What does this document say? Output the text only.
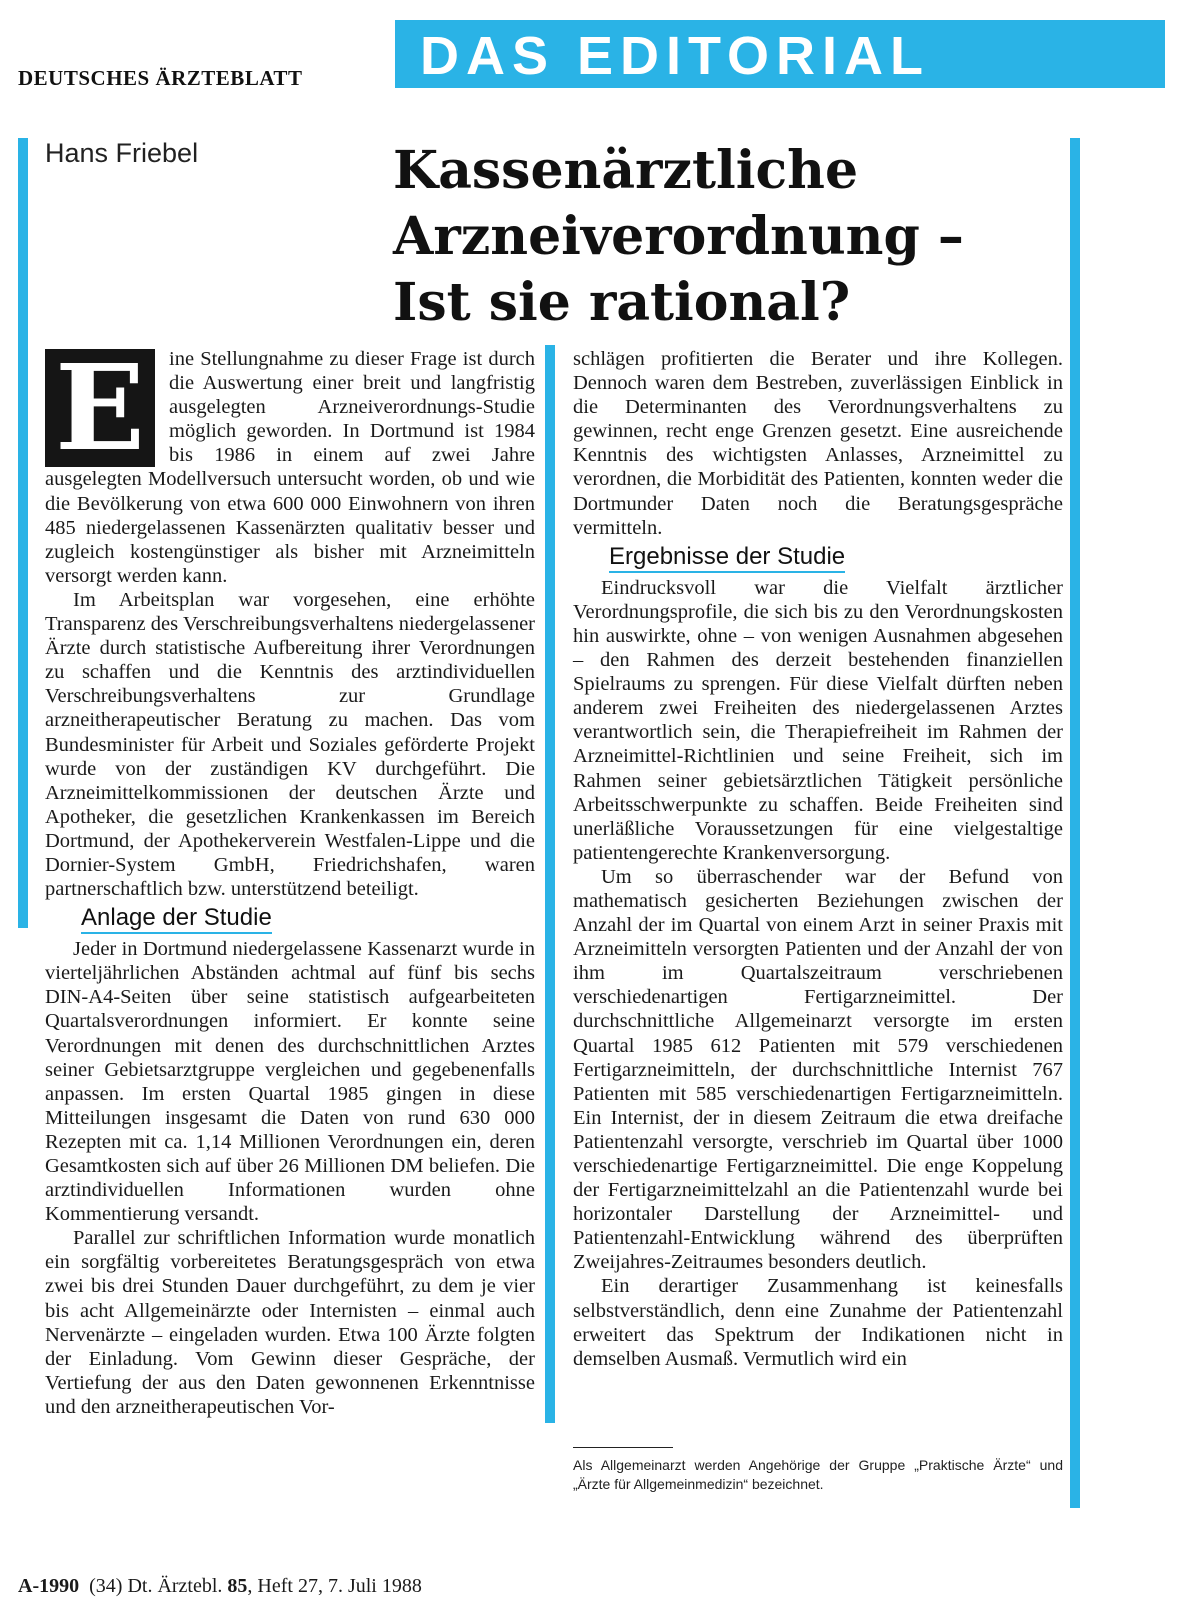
DEUTSCHES ÄRZTEBLATT DAS EDITORIAL
Hans Friebel	Kassenärztliche
Arzneiverordnung –
Ist sie rational?

E	ine Stellungnahme zu dieser Frage ist durch die Auswertung einer breit und langfristig ausgelegten Arzneiverordnungs-Studie möglich geworden. In Dortmund ist 1984 bis 1986 in einem auf zwei Jahre ausgelegten Modellversuch untersucht worden, ob und wie die Bevölkerung von etwa 600 000 Einwohnern von ihren 485 niedergelassenen Kassenärzten qualitativ besser und zugleich kostengünstiger als bisher mit Arzneimitteln versorgt werden kann.

Im Arbeitsplan war vorgesehen, eine erhöhte Transparenz des Verschreibungsverhaltens niedergelassener Ärzte durch statistische Aufbereitung ihrer Verordnungen zu schaffen und die Kenntnis des arztindividuellen Verschreibungsverhaltens zur Grundlage arzneitherapeutischer Beratung zu machen. Das vom Bundesminister für Arbeit und Soziales geförderte Projekt wurde von der zuständigen KV durchgeführt. Die Arzneimittelkommissionen der deutschen Ärzte und Apotheker, die gesetzlichen Krankenkassen im Bereich Dortmund, der Apothekerverein Westfalen-Lippe und die Dornier-System GmbH, Friedrichshafen, waren partnerschaftlich bzw. unterstützend beteiligt.

Anlage der Studie

Jeder in Dortmund niedergelassene Kassenarzt wurde in vierteljährlichen Abständen achtmal auf fünf bis sechs DIN-A4-Seiten über seine statistisch aufgearbeiteten Quartalsverordnungen informiert. Er konnte seine Verordnungen mit denen des durchschnittlichen Arztes seiner Gebietsarztgruppe vergleichen und gegebenenfalls anpassen. Im ersten Quartal 1985 gingen in diese Mitteilungen insgesamt die Daten von rund 630 000 Rezepten mit ca. 1,14 Millionen Verordnungen ein, deren Gesamtkosten sich auf über 26 Millionen DM beliefen. Die arztindividuellen Informationen wurden ohne Kommentierung versandt.

Parallel zur schriftlichen Information wurde monatlich ein sorgfältig vorbereitetes Beratungsgespräch von etwa zwei bis drei Stunden Dauer durchgeführt, zu dem je vier bis acht Allgemeinärzte oder Internisten – einmal auch Nervenärzte – eingeladen wurden. Etwa 100 Ärzte folgten der Einladung. Vom Gewinn dieser Gespräche, der Vertiefung der aus den Daten gewonnenen Erkenntnisse und den arzneitherapeutischen Vor-

schlägen profitierten die Berater und ihre Kollegen. Dennoch waren dem Bestreben, zuverlässigen Einblick in die Determinanten des Verordnungsverhaltens zu gewinnen, recht enge Grenzen gesetzt. Eine ausreichende Kenntnis des wichtigsten Anlasses, Arzneimittel zu verordnen, die Morbidität des Patienten, konnten weder die Dortmunder Daten noch die Beratungsgespräche vermitteln.

Ergebnisse der Studie

Eindrucksvoll war die Vielfalt ärztlicher Verordnungsprofile, die sich bis zu den Verordnungskosten hin auswirkte, ohne – von wenigen Ausnahmen abgesehen – den Rahmen des derzeit bestehenden finanziellen Spielraums zu sprengen. Für diese Vielfalt dürften neben anderem zwei Freiheiten des niedergelassenen Arztes verantwortlich sein, die Therapiefreiheit im Rahmen der Arzneimittel-Richtlinien und seine Freiheit, sich im Rahmen seiner gebietsärztlichen Tätigkeit persönliche Arbeitsschwerpunkte zu schaffen. Beide Freiheiten sind unerläßliche Voraussetzungen für eine vielgestaltige patientengerechte Krankenversorgung.

Um so überraschender war der Befund von mathematisch gesicherten Beziehungen zwischen der Anzahl der im Quartal von einem Arzt in seiner Praxis mit Arzneimitteln versorgten Patienten und der Anzahl der von ihm im Quartalszeitraum verschriebenen verschiedenartigen Fertigarzneimittel. Der durchschnittliche Allgemeinarzt versorgte im ersten Quartal 1985 612 Patienten mit 579 verschiedenen Fertigarzneimitteln, der durchschnittliche Internist 767 Patienten mit 585 verschiedenartigen Fertigarzneimitteln. Ein Internist, der in diesem Zeitraum die etwa dreifache Patientenzahl versorgte, verschrieb im Quartal über 1000 verschiedenartige Fertigarzneimittel. Die enge Koppelung der Fertigarzneimittelzahl an die Patientenzahl wurde bei horizontaler Darstellung der Arzneimittel- und Patientenzahl-Entwicklung während des überprüften Zweijahres-Zeitraumes besonders deutlich.

Ein derartiger Zusammenhang ist keinesfalls selbstverständlich, denn eine Zunahme der Patientenzahl erweitert das Spektrum der Indikationen nicht in demselben Ausmaß. Vermutlich wird ein

Als Allgemeinarzt werden Angehörige der Gruppe „Praktische Ärzte“ und „Ärzte für Allgemeinmedizin“ bezeichnet.
A-1990 (34) Dt. Ärztebl. 85, Heft 27, 7. Juli 1988
